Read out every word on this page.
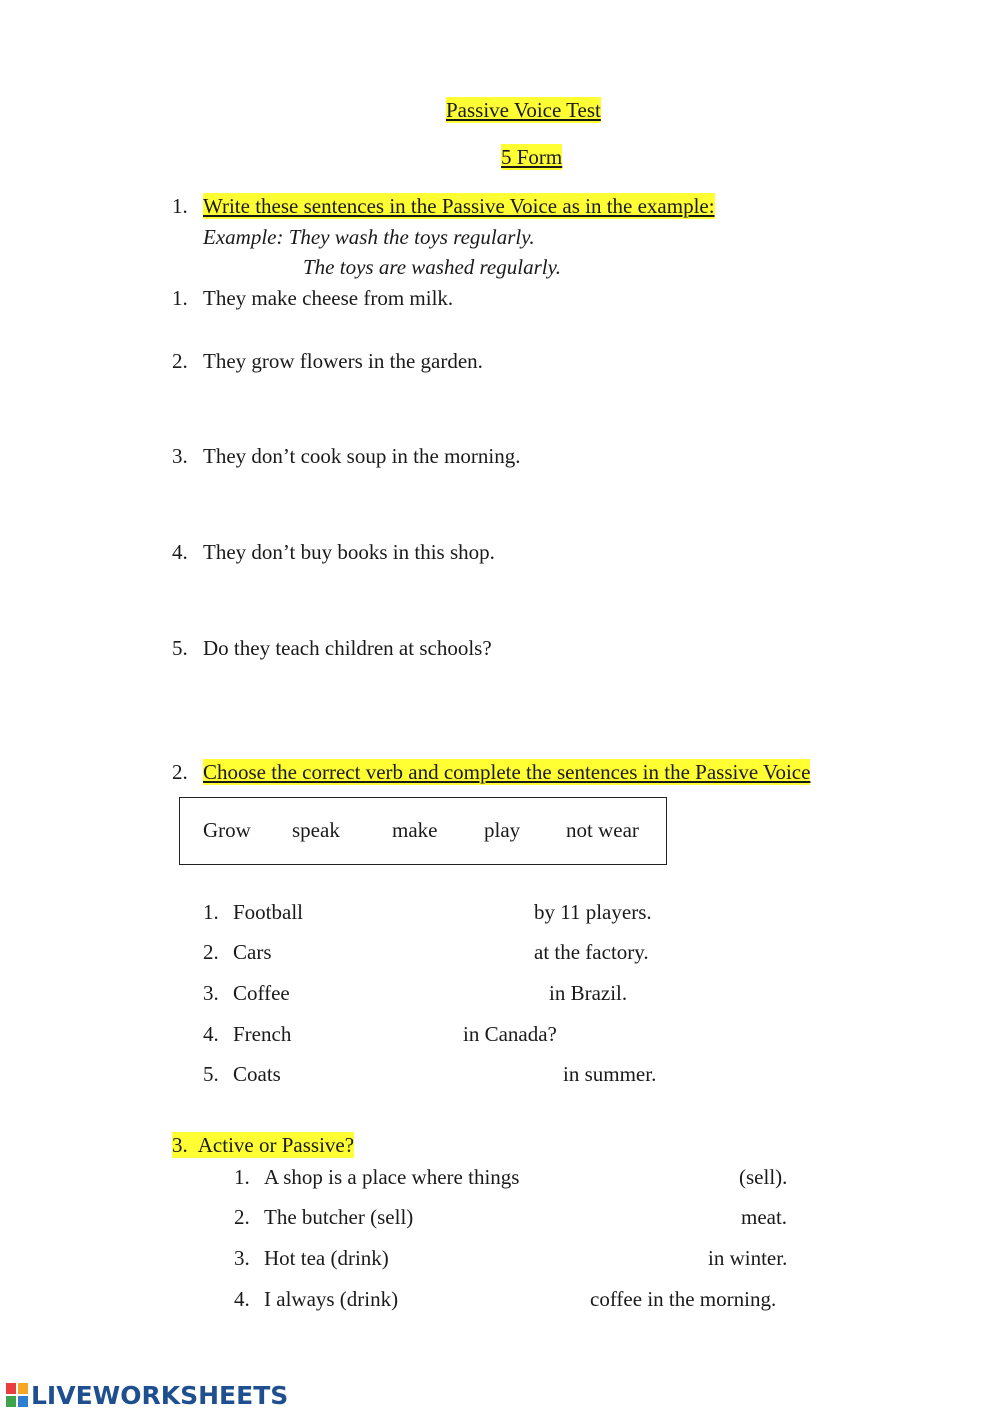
Passive Voice Test
5 Form
1. Write these sentences in the Passive Voice as in the example:
Example: They wash the toys regularly.
The toys are washed regularly.
1. They make cheese from milk.
2. They grow flowers in the garden.
3. They don’t cook soup in the morning.
4. They don’t buy books in this shop.
5. Do they teach children at schools?
2. Choose the correct verb and complete the sentences in the Passive Voice
Grow speak make play not wear
1. Football	by 11 players.
2. Cars	at the factory.
3. Coffee	in Brazil.
4. French	in Canada?
5. Coats	in summer.
3. Active or Passive?
1. A shop is a place where things	(sell).
2. The butcher (sell)	meat.
3. Hot tea (drink)	in winter.
4. I always (drink)	coffee in the morning.
LIVEWORKSHEETS
